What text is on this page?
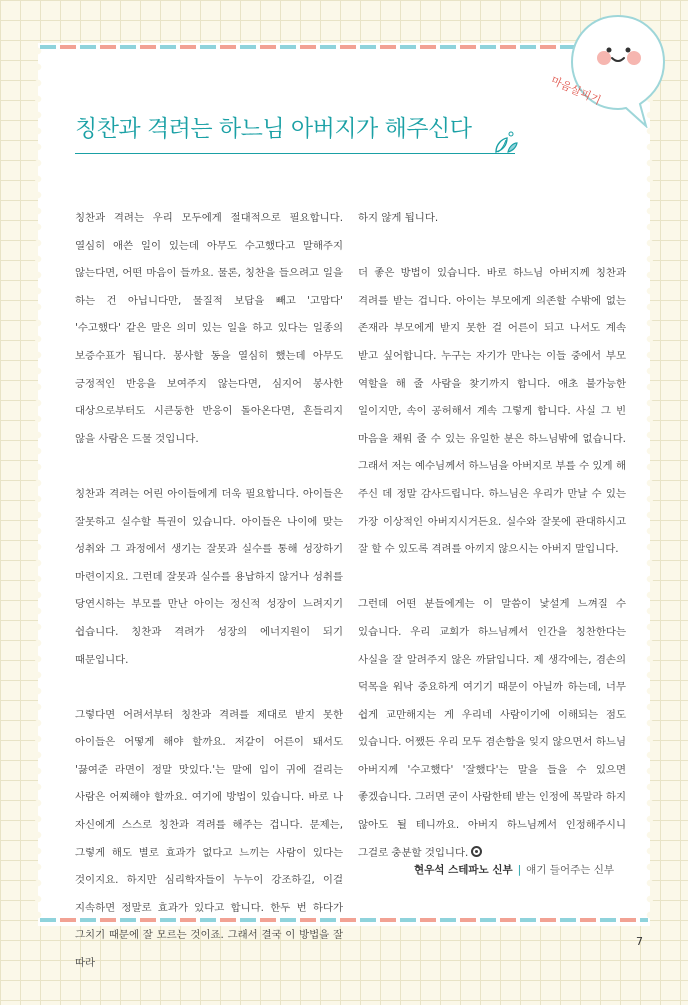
마음살피기
칭찬과 격려는 하느님 아버지가 해주신다

칭찬과 격려는 우리 모두에게 절대적으로 필요합니다. 열심히 애쓴 일이 있는데 아무도 수고했다고 말해주지 않는다면, 어떤 마음이 들까요. 물론, 칭찬을 들으려고 일을 하는 건 아닙니다만, 물질적 보답을 빼고 '고맙다' '수고했다' 같은 말은 의미 있는 일을 하고 있다는 일종의 보증수표가 됩니다. 봉사할 동을 열심히 했는데 아무도 긍정적인 반응을 보여주지 않는다면, 심지어 봉사한 대상으로부터도 시큰둥한 반응이 돌아온다면, 흔들리지 않을 사람은 드물 것입니다.

칭찬과 격려는 어린 아이들에게 더욱 필요합니다. 아이들은 잘못하고 실수할 특권이 있습니다. 아이들은 나이에 맞는 성취와 그 과정에서 생기는 잘못과 실수를 통해 성장하기 마련이지요. 그런데 잘못과 실수를 용납하지 않거나 성취를 당연시하는 부모를 만난 아이는 정신적 성장이 느려지기 쉽습니다. 칭찬과 격려가 성장의 에너지원이 되기 때문입니다.

그렇다면 어려서부터 칭찬과 격려를 제대로 받지 못한 아이들은 어떻게 해야 할까요. 저같이 어른이 돼서도 '끓여준 라면이 정말 맛있다.'는 말에 입이 귀에 걸리는 사람은 어찌해야 할까요. 여기에 방법이 있습니다. 바로 나 자신에게 스스로 칭찬과 격려를 해주는 겁니다. 문제는, 그렇게 해도 별로 효과가 없다고 느끼는 사람이 있다는 것이지요. 하지만 심리학자들이 누누이 강조하길, 이걸 지속하면 정말로 효과가 있다고 합니다. 한두 번 하다가 그치기 때문에 잘 모르는 것이죠. 그래서 결국 이 방법을 잘 따라

하지 않게 됩니다.

더 좋은 방법이 있습니다. 바로 하느님 아버지께 칭찬과 격려를 받는 겁니다. 아이는 부모에게 의존할 수밖에 없는 존재라 부모에게 받지 못한 걸 어른이 되고 나서도 계속 받고 싶어합니다. 누구는 자기가 만나는 이들 중에서 부모 역할을 해 줄 사람을 찾기까지 합니다. 애초 불가능한 일이지만, 속이 공허해서 계속 그렇게 합니다. 사실 그 빈 마음을 채워 줄 수 있는 유일한 분은 하느님밖에 없습니다. 그래서 저는 예수님께서 하느님을 아버지로 부를 수 있게 해 주신 데 정말 감사드립니다. 하느님은 우리가 만날 수 있는 가장 이상적인 아버지시거든요. 실수와 잘못에 관대하시고 잘 할 수 있도록 격려를 아끼지 않으시는 아버지 말입니다.

그런데 어떤 분들에게는 이 말씀이 낯설게 느껴질 수 있습니다. 우리 교회가 하느님께서 인간을 칭찬한다는 사실을 잘 알려주지 않은 까닭입니다. 제 생각에는, 겸손의 덕목을 워낙 중요하게 여기기 때문이 아닐까 하는데, 너무 쉽게 교만해지는 게 우리네 사람이기에 이해되는 점도 있습니다. 어쨌든 우리 모두 겸손함을 잊지 않으면서 하느님 아버지께 '수고했다' '잘했다'는 말을 들을 수 있으면 좋겠습니다. 그러면 굳이 사람한테 받는 인정에 목말라 하지 않아도 될 테니까요. 아버지 하느님께서 인정해주시니 그걸로 충분할 것입니다.

현우석 스테파노 신부 | 얘기 들어주는 신부
7
